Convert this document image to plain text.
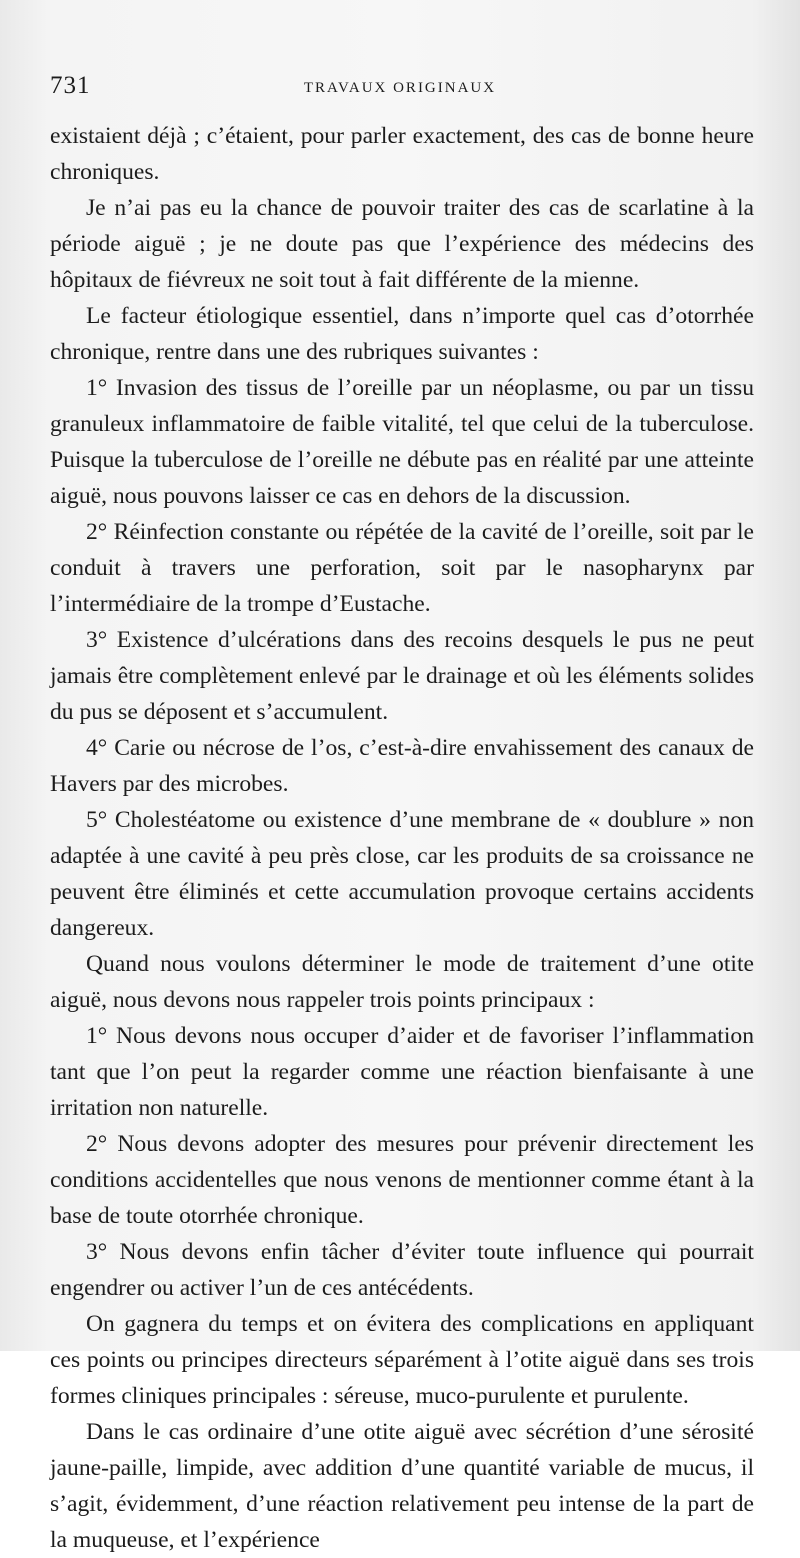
731	TRAVAUX ORIGINAUX

existaient déjà ; c’étaient, pour parler exactement, des cas de bonne heure chroniques.

Je n’ai pas eu la chance de pouvoir traiter des cas de scarlatine à la période aiguë ; je ne doute pas que l’expérience des médecins des hôpitaux de fiévreux ne soit tout à fait différente de la mienne.

Le facteur étiologique essentiel, dans n’importe quel cas d’otorrhée chronique, rentre dans une des rubriques suivantes :

1° Invasion des tissus de l’oreille par un néoplasme, ou par un tissu granuleux inflammatoire de faible vitalité, tel que celui de la tuberculose. Puisque la tuberculose de l’oreille ne débute pas en réalité par une atteinte aiguë, nous pouvons laisser ce cas en dehors de la discussion.

2° Réinfection constante ou répétée de la cavité de l’oreille, soit par le conduit à travers une perforation, soit par le nasopharynx par l’intermédiaire de la trompe d’Eustache.

3° Existence d’ulcérations dans des recoins desquels le pus ne peut jamais être complètement enlevé par le drainage et où les éléments solides du pus se déposent et s’accumulent.

4° Carie ou nécrose de l’os, c’est-à-dire envahissement des canaux de Havers par des microbes.

5° Cholestéatome ou existence d’une membrane de « doublure » non adaptée à une cavité à peu près close, car les produits de sa croissance ne peuvent être éliminés et cette accumulation provoque certains accidents dangereux.

Quand nous voulons déterminer le mode de traitement d’une otite aiguë, nous devons nous rappeler trois points principaux :

1° Nous devons nous occuper d’aider et de favoriser l’inflammation tant que l’on peut la regarder comme une réaction bienfaisante à une irritation non naturelle.

2° Nous devons adopter des mesures pour prévenir directement les conditions accidentelles que nous venons de mentionner comme étant à la base de toute otorrhée chronique.

3° Nous devons enfin tâcher d’éviter toute influence qui pourrait engendrer ou activer l’un de ces antécédents.

On gagnera du temps et on évitera des complications en appliquant ces points ou principes directeurs séparément à l’otite aiguë dans ses trois formes cliniques principales : séreuse, muco-purulente et purulente.

Dans le cas ordinaire d’une otite aiguë avec sécrétion d’une sérosité jaune-paille, limpide, avec addition d’une quantité variable de mucus, il s’agit, évidemment, d’une réaction relativement peu intense de la part de la muqueuse, et l’expérience
